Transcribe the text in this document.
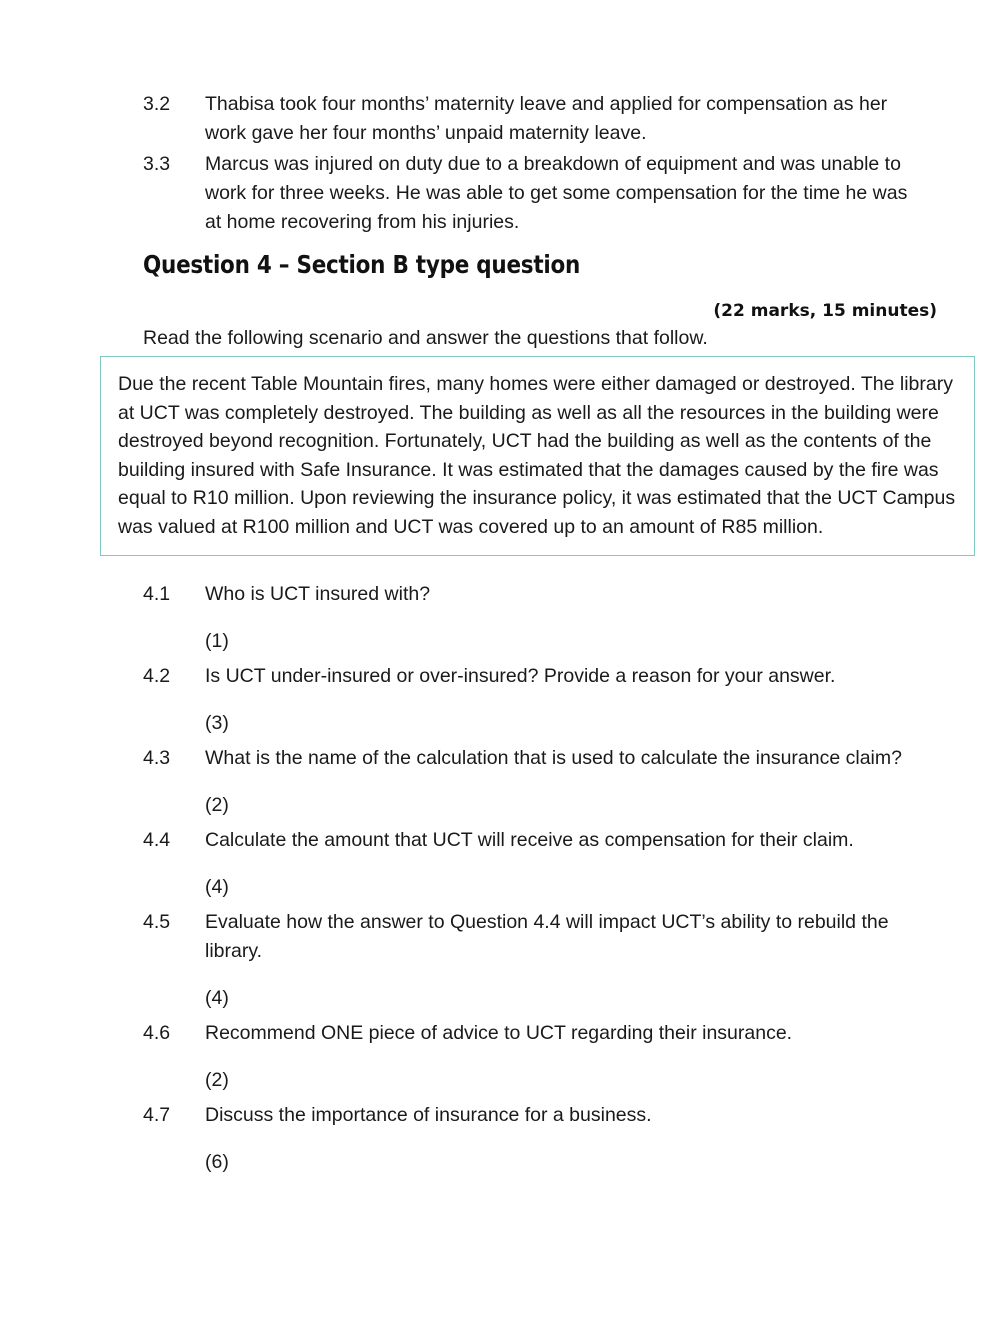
3.2	Thabisa took four months’ maternity leave and applied for compensation as her work gave her four months’ unpaid maternity leave.
3.3	Marcus was injured on duty due to a breakdown of equipment and was unable to work for three weeks. He was able to get some compensation for the time he was at home recovering from his injuries.
Question 4 – Section B type question
(22 marks, 15 minutes)
Read the following scenario and answer the questions that follow.

Due the recent Table Mountain fires, many homes were either damaged or destroyed. The library at UCT was completely destroyed. The building as well as all the resources in the building were destroyed beyond recognition. Fortunately, UCT had the building as well as the contents of the building insured with Safe Insurance. It was estimated that the damages caused by the fire was equal to R10 million. Upon reviewing the insurance policy, it was estimated that the UCT Campus was valued at R100 million and UCT was covered up to an amount of R85 million.

4.1	Who is UCT insured with?
(1)
4.2	Is UCT under-insured or over-insured? Provide a reason for your answer.
(3)
4.3	What is the name of the calculation that is used to calculate the insurance claim?
(2)
4.4	Calculate the amount that UCT will receive as compensation for their claim.
(4)
4.5	Evaluate how the answer to Question 4.4 will impact UCT’s ability to rebuild the library.
(4)
4.6	Recommend ONE piece of advice to UCT regarding their insurance.
(2)
4.7	Discuss the importance of insurance for a business.
(6)
